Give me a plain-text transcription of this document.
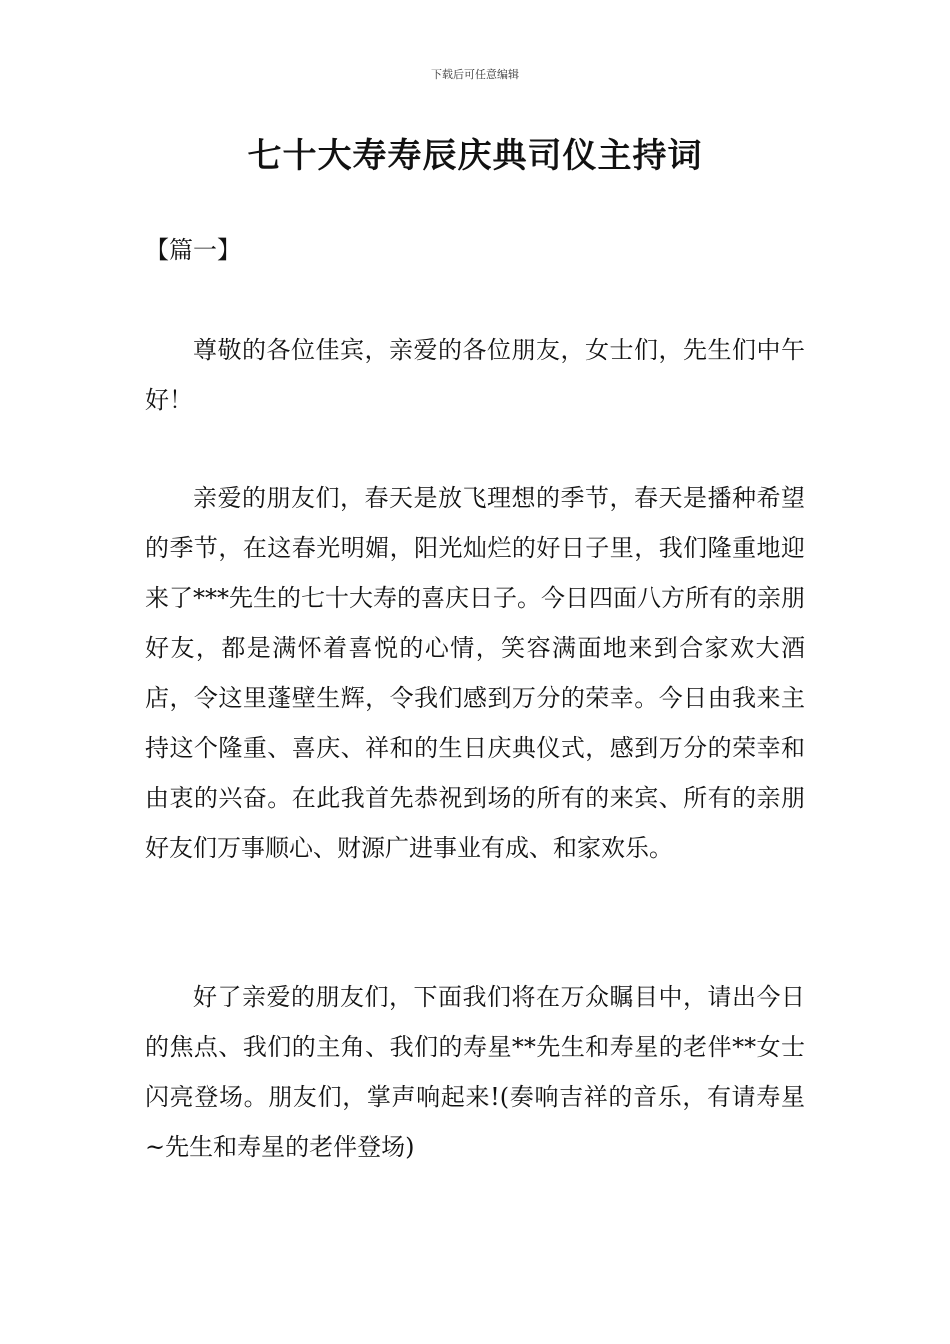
下载后可任意编辑
七十大寿寿辰庆典司仪主持词
【篇一】

尊敬的各位佳宾，亲爱的各位朋友，女士们，先生们中午好！

亲爱的朋友们，春天是放飞理想的季节，春天是播种希望的季节，在这春光明媚，阳光灿烂的好日子里，我们隆重地迎来了***先生的七十大寿的喜庆日子。今日四面八方所有的亲朋好友，都是满怀着喜悦的心情，笑容满面地来到合家欢大酒店，令这里蓬壁生辉，令我们感到万分的荣幸。今日由我来主持这个隆重、喜庆、祥和的生日庆典仪式，感到万分的荣幸和由衷的兴奋。在此我首先恭祝到场的所有的来宾、所有的亲朋好友们万事顺心、财源广进事业有成、和家欢乐。

好了亲爱的朋友们，下面我们将在万众瞩目中，请出今日的焦点、我们的主角、我们的寿星**先生和寿星的老伴**女士闪亮登场。朋友们，掌声响起来!(奏响吉祥的音乐，有请寿星~先生和寿星的老伴登场)
